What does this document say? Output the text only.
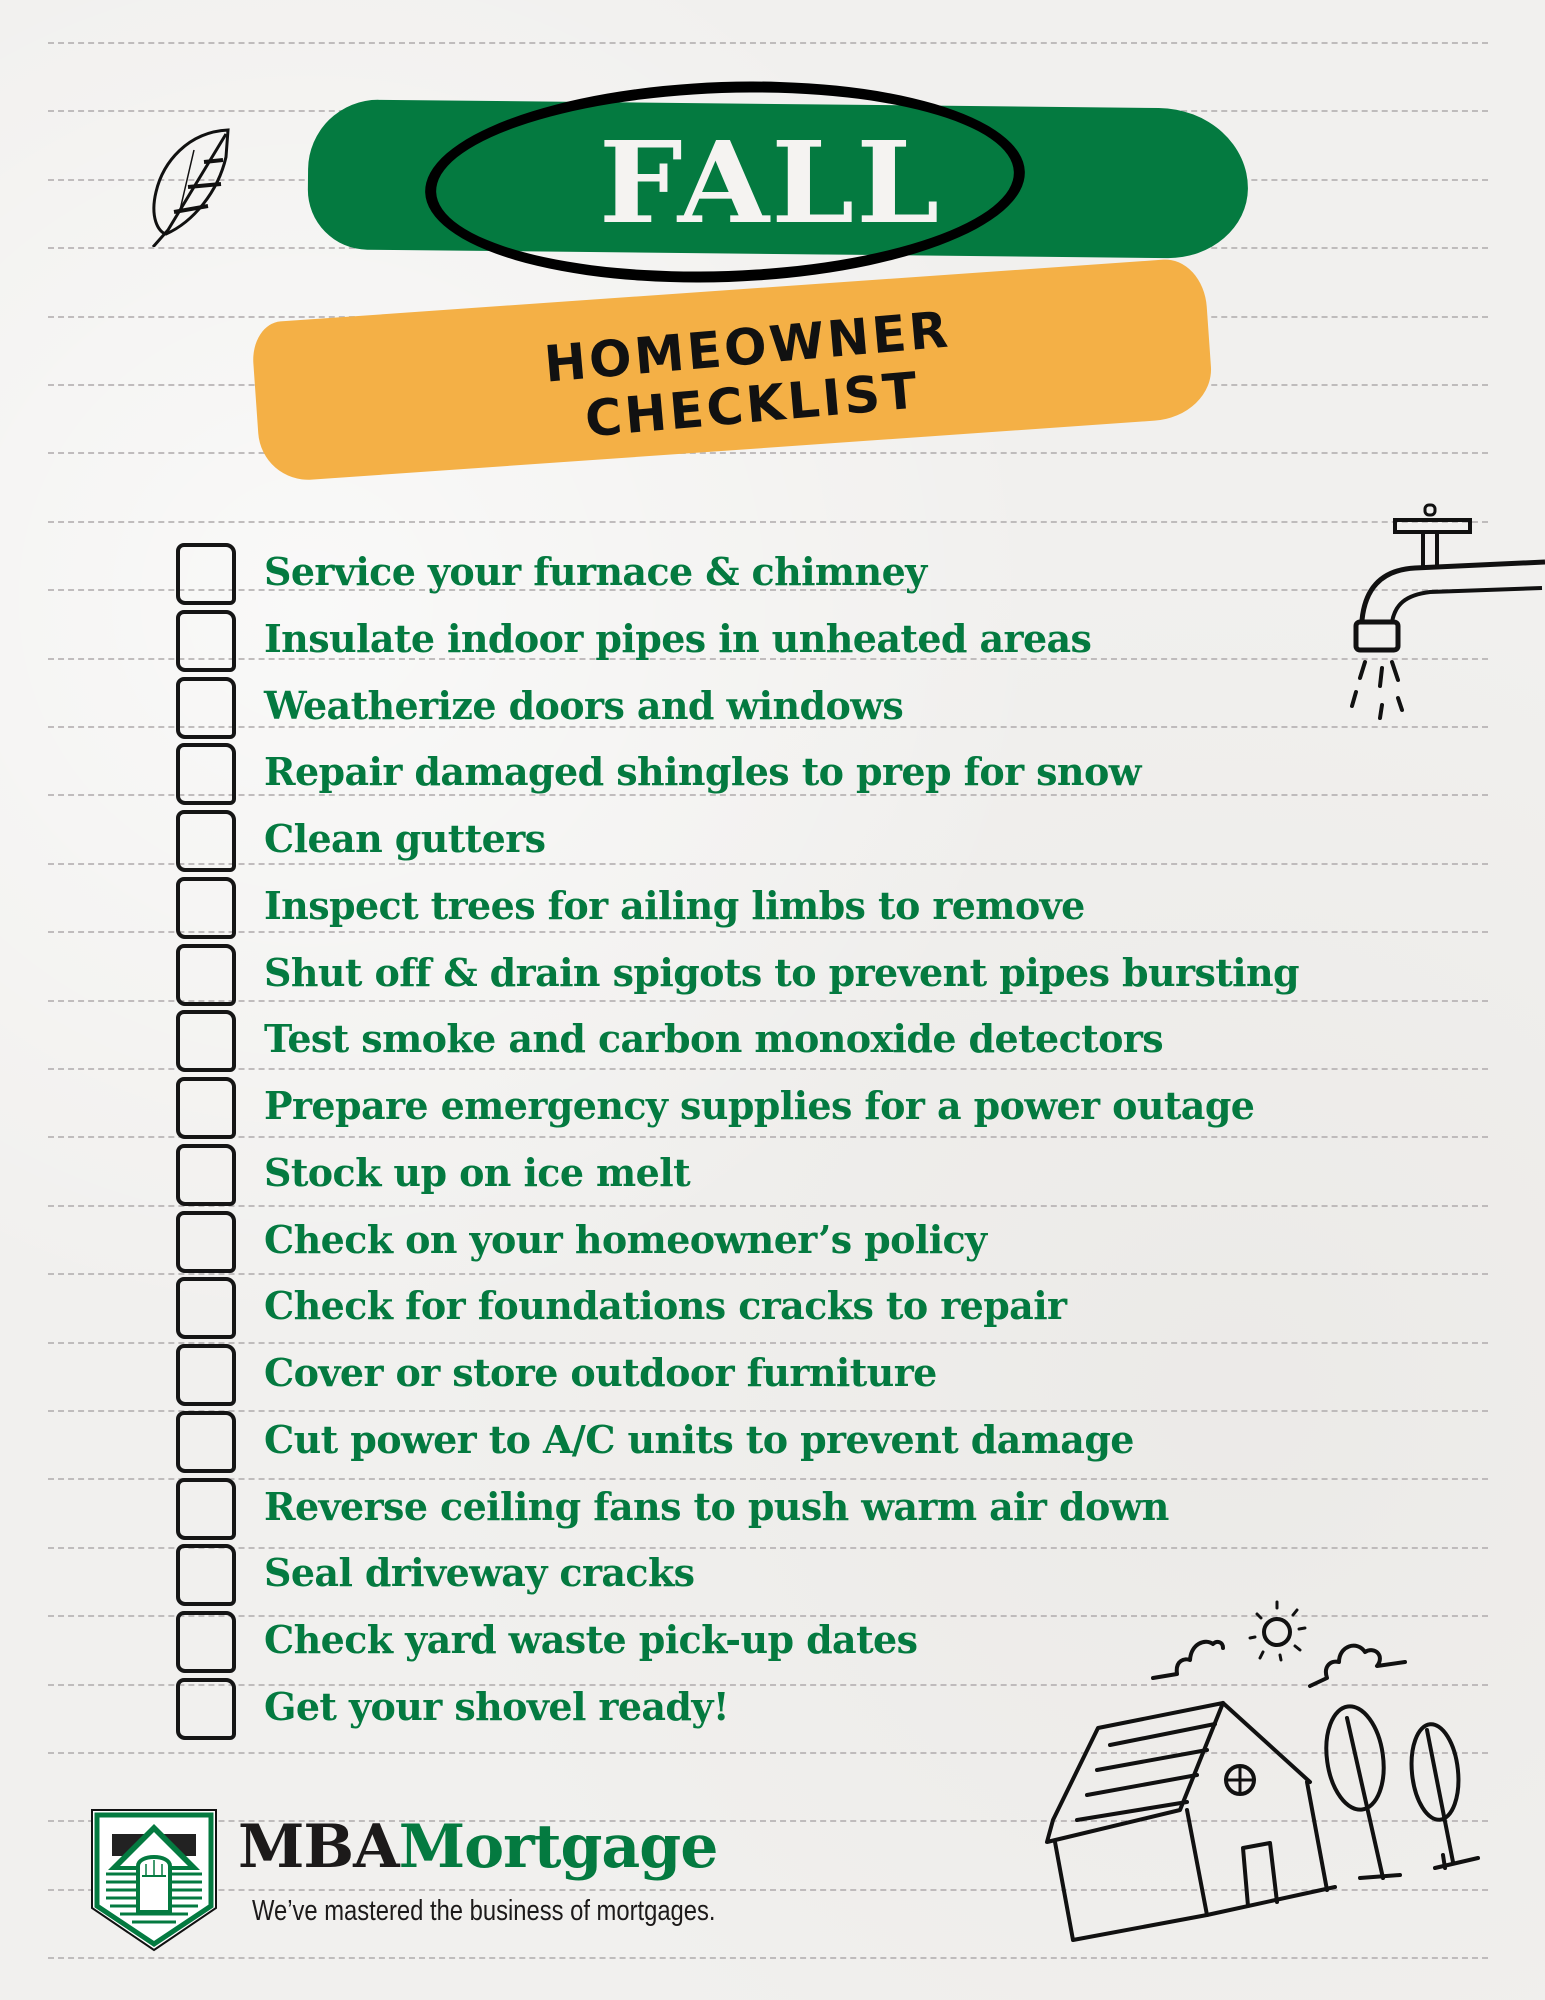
FALL
HOMEOWNER CHECKLIST
Service your furnace & chimney
Insulate indoor pipes in unheated areas
Weatherize doors and windows
Repair damaged shingles to prep for snow
Clean gutters
Inspect trees for ailing limbs to remove
Shut off & drain spigots to prevent pipes bursting
Test smoke and carbon monoxide detectors
Prepare emergency supplies for a power outage
Stock up on ice melt
Check on your homeowner’s policy
Check for foundations cracks to repair
Cover or store outdoor furniture
Cut power to A/C units to prevent damage
Reverse ceiling fans to push warm air down
Seal driveway cracks
Check yard waste pick-up dates
Get your shovel ready!
MBAMortgage
We’ve mastered the business of mortgages.
